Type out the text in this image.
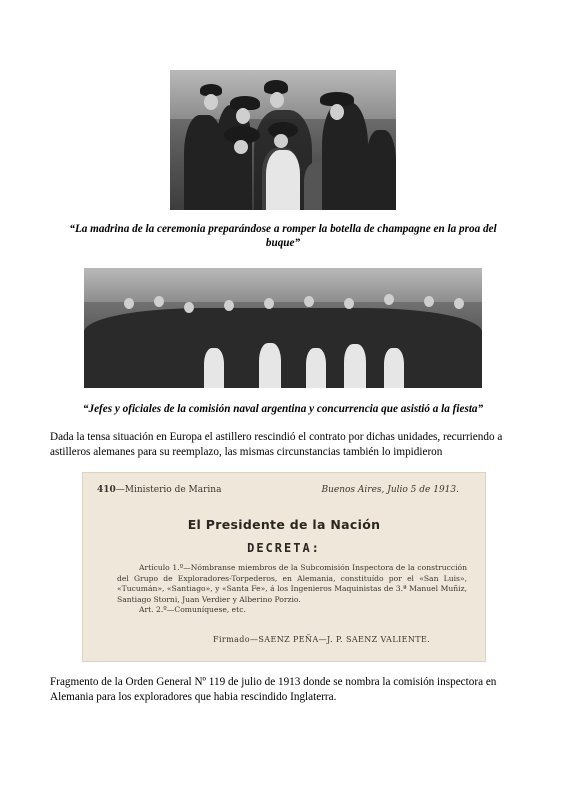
“La madrina de la ceremonia preparándose a romper la botella de champagne en la proa del buque”
“Jefes y oficiales de la comisión naval argentina y concurrencia que asistió a la fiesta”
Dada la tensa situación en Europa el astillero rescindió el contrato por dichas unidades, recurriendo a astilleros alemanes para su reemplazo, las mismas circunstancias también lo impidieron
410—Ministerio de Marina	Buenos Aires, Julio 5 de 1913.
El Presidente de la Nación
DECRETA:

Artículo 1.º—Nómbranse miembros de la Subcomisión Inspectora de la construcción del Grupo de Exploradores-Torpederos, en Alemania, constituído por el «San Luis», «Tucumán», «Santiago», y «Santa Fe», á los Ingenieros Maquinistas de 3.ª Manuel Muñiz, Santiago Storni, Juan Verdier y Alberino Porzio.

Art. 2.º—Comuníquese, etc.

Firmado—SAENZ PEÑA—J. P. SAENZ VALIENTE.
Fragmento de la Orden General Nº 119 de julio de 1913 donde se nombra la comisión inspectora en Alemania para los exploradores que habia rescindido Inglaterra.
